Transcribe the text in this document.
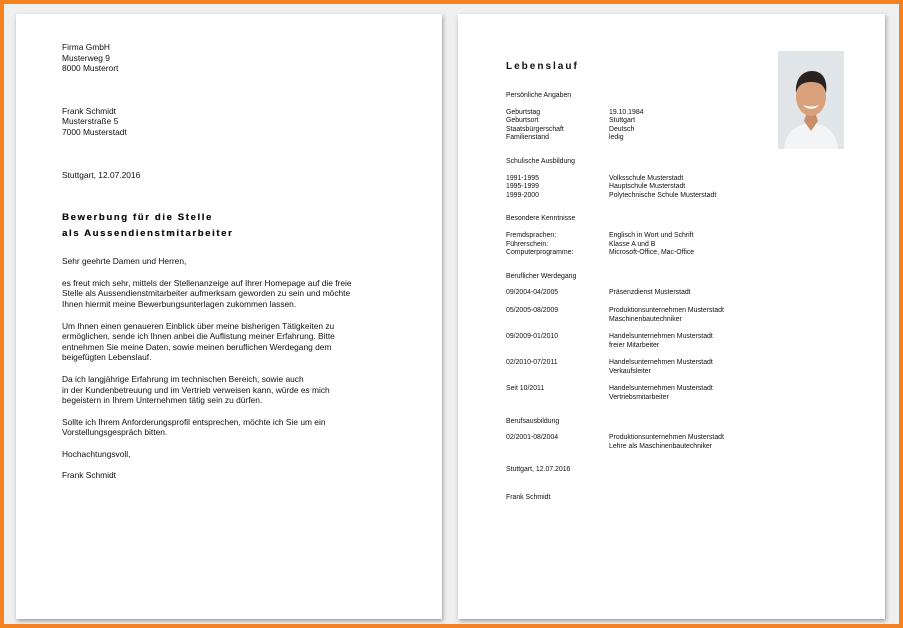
Firma GmbH
Musterweg 9
8000 Musterort
Frank Schmidt
Musterstraße 5
7000 Musterstadt
Stuttgart, 12.07.2016
Bewerbung für die Stelle
als Aussendienstmitarbeiter
Sehr geehrte Damen und Herren,
es freut mich sehr, mittels der Stellenanzeige auf Ihrer Homepage auf die freie
Stelle als Aussendienstmitarbeiter aufmerksam geworden zu sein und möchte
Ihnen hiermit meine Bewerbungsunterlagen zukommen lassen.
Um Ihnen einen genaueren Einblick über meine bisherigen Tätigkeiten zu
ermöglichen, sende ich Ihnen anbei die Auflistung meiner Erfahrung. Bitte
entnehmen Sie meine Daten, sowie meinen beruflichen Werdegang dem
beigefügten Lebenslauf.
Da ich langjährige Erfahrung im technischen Bereich, sowie auch
in der Kundenbetreuung und im Vertrieb verweisen kann, würde es mich
begeistern in Ihrem Unternehmen tätig sein zu dürfen.
Sollte ich Ihrem Anforderungsprofil entsprechen, möchte ich Sie um ein
Vorstellungsgespräch bitten.
Hochachtungsvoll,
Frank Schmidt
Lebenslauf
Persönliche Angaben
Geburtstag	19.10.1984
Geburtsort	Stuttgart
Staatsbürgerschaft	Deutsch
Familienstand	ledig
Schulische Ausbildung
1991-1995	Volksschule Musterstadt
1995-1999	Hauptschule Musterstadt
1999-2000	Polytechnische Schule Musterstadt
Besondere Kenntnisse
Fremdsprachen:	Englisch in Wort und Schrift
Führerschein:	Klasse A und B
Computerprogramme:	Microsoft-Office, Mac-Office
Beruflicher Werdegang
09/2004-04/2005	Präsenzdienst Musterstadt
05/2005-08/2009	Produktionsunternehmen Musterstadt
Maschinenbautechniker
09/2009-01/2010	Handelsunternehmen Musterstadt
freier Mitarbeiter
02/2010-07/2011	Handelsunternehmen Musterstadt
Verkaufsleiter
Seit 10/2011	Handelsunternehmen Musterstadt
Vertriebsmitarbeiter
Berufsausbildung
02/2001-08/2004	Produktionsunternehmen Musterstadt
Lehre als Maschinenbautechniker
Stuttgart, 12.07.2016
Frank Schmidt
